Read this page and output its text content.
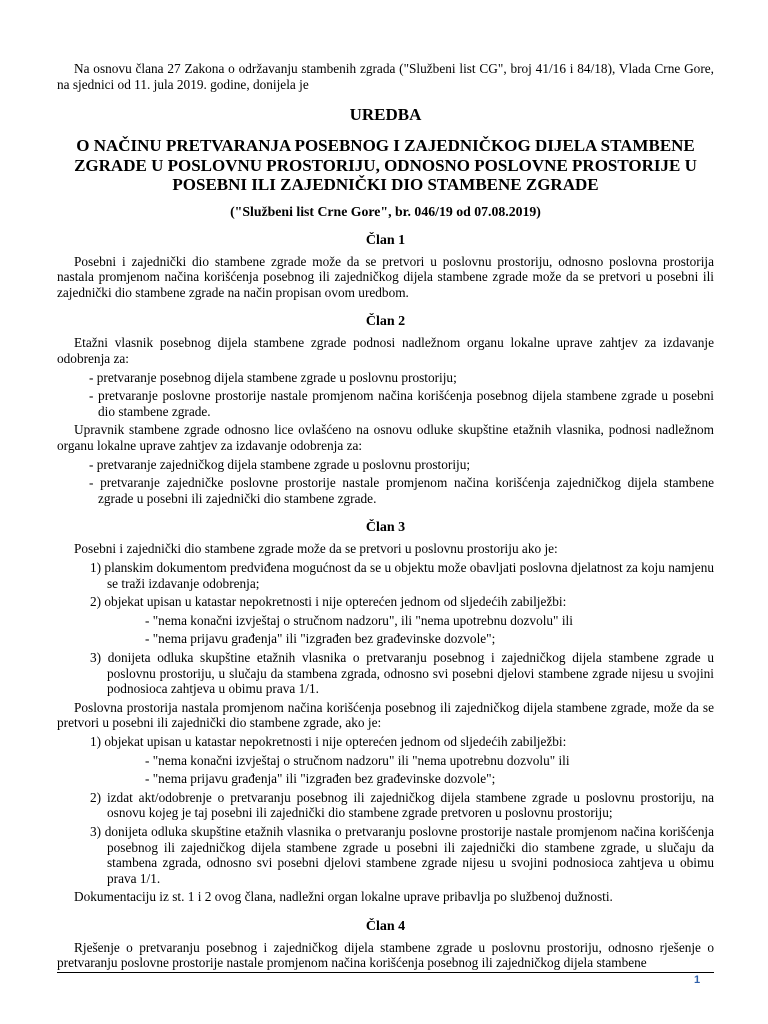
Na osnovu člana 27 Zakona o održavanju stambenih zgrada ("Službeni list CG", broj 41/16 i 84/18), Vlada Crne Gore, na sjednici od 11. jula 2019. godine, donijela je

UREDBA

O NAČINU PRETVARANJA POSEBNOG I ZAJEDNIČKOG DIJELA STAMBENE ZGRADE U POSLOVNU PROSTORIJU, ODNOSNO POSLOVNE PROSTORIJE U POSEBNI ILI ZAJEDNIČKI DIO STAMBENE ZGRADE

("Službeni list Crne Gore", br. 046/19 od 07.08.2019)

Član 1

Posebni i zajednički dio stambene zgrade može da se pretvori u poslovnu prostoriju, odnosno poslovna prostorija nastala promjenom načina korišćenja posebnog ili zajedničkog dijela stambene zgrade može da se pretvori u posebni ili zajednički dio stambene zgrade na način propisan ovom uredbom.

Član 2

Etažni vlasnik posebnog dijela stambene zgrade podnosi nadležnom organu lokalne uprave zahtjev za izdavanje odobrenja za:

- pretvaranje posebnog dijela stambene zgrade u poslovnu prostoriju;

- pretvaranje poslovne prostorije nastale promjenom načina korišćenja posebnog dijela stambene zgrade u posebni dio stambene zgrade.

Upravnik stambene zgrade odnosno lice ovlašćeno na osnovu odluke skupštine etažnih vlasnika, podnosi nadležnom organu lokalne uprave zahtjev za izdavanje odobrenja za:

- pretvaranje zajedničkog dijela stambene zgrade u poslovnu prostoriju;

- pretvaranje zajedničke poslovne prostorije nastale promjenom načina korišćenja zajedničkog dijela stambene zgrade u posebni ili zajednički dio stambene zgrade.

Član 3

Posebni i zajednički dio stambene zgrade može da se pretvori u poslovnu prostoriju ako je:

1) planskim dokumentom predviđena mogućnost da se u objektu može obavljati poslovna djelatnost za koju namjenu se traži izdavanje odobrenja;

2) objekat upisan u katastar nepokretnosti i nije opterećen jednom od sljedećih zabilježbi:

- "nema konačni izvještaj o stručnom nadzoru", ili "nema upotrebnu dozvolu" ili

- "nema prijavu građenja" ili "izgrađen bez građevinske dozvole";

3) donijeta odluka skupštine etažnih vlasnika o pretvaranju posebnog i zajedničkog dijela stambene zgrade u poslovnu prostoriju, u slučaju da stambena zgrada, odnosno svi posebni djelovi stambene zgrade nijesu u svojini podnosioca zahtjeva u obimu prava 1/1.

Poslovna prostorija nastala promjenom načina korišćenja posebnog ili zajedničkog dijela stambene zgrade, može da se pretvori u posebni ili zajednički dio stambene zgrade, ako je:

1) objekat upisan u katastar nepokretnosti i nije opterećen jednom od sljedećih zabilježbi:

- "nema konačni izvještaj o stručnom nadzoru" ili "nema upotrebnu dozvolu" ili

- "nema prijavu građenja" ili "izgrađen bez građevinske dozvole";

2) izdat akt/odobrenje o pretvaranju posebnog ili zajedničkog dijela stambene zgrade u poslovnu prostoriju, na osnovu kojeg je taj posebni ili zajednički dio stambene zgrade pretvoren u poslovnu prostoriju;

3) donijeta odluka skupštine etažnih vlasnika o pretvaranju poslovne prostorije nastale promjenom načina korišćenja posebnog ili zajedničkog dijela stambene zgrade u posebni ili zajednički dio stambene zgrade, u slučaju da stambena zgrada, odnosno svi posebni djelovi stambene zgrade nijesu u svojini podnosioca zahtjeva u obimu prava 1/1.

Dokumentaciju iz st. 1 i 2 ovog člana, nadležni organ lokalne uprave pribavlja po službenoj dužnosti.

Član 4

Rješenje o pretvaranju posebnog i zajedničkog dijela stambene zgrade u poslovnu prostoriju, odnosno rješenje o pretvaranju poslovne prostorije nastale promjenom načina korišćenja posebnog ili zajedničkog dijela stambene

1
